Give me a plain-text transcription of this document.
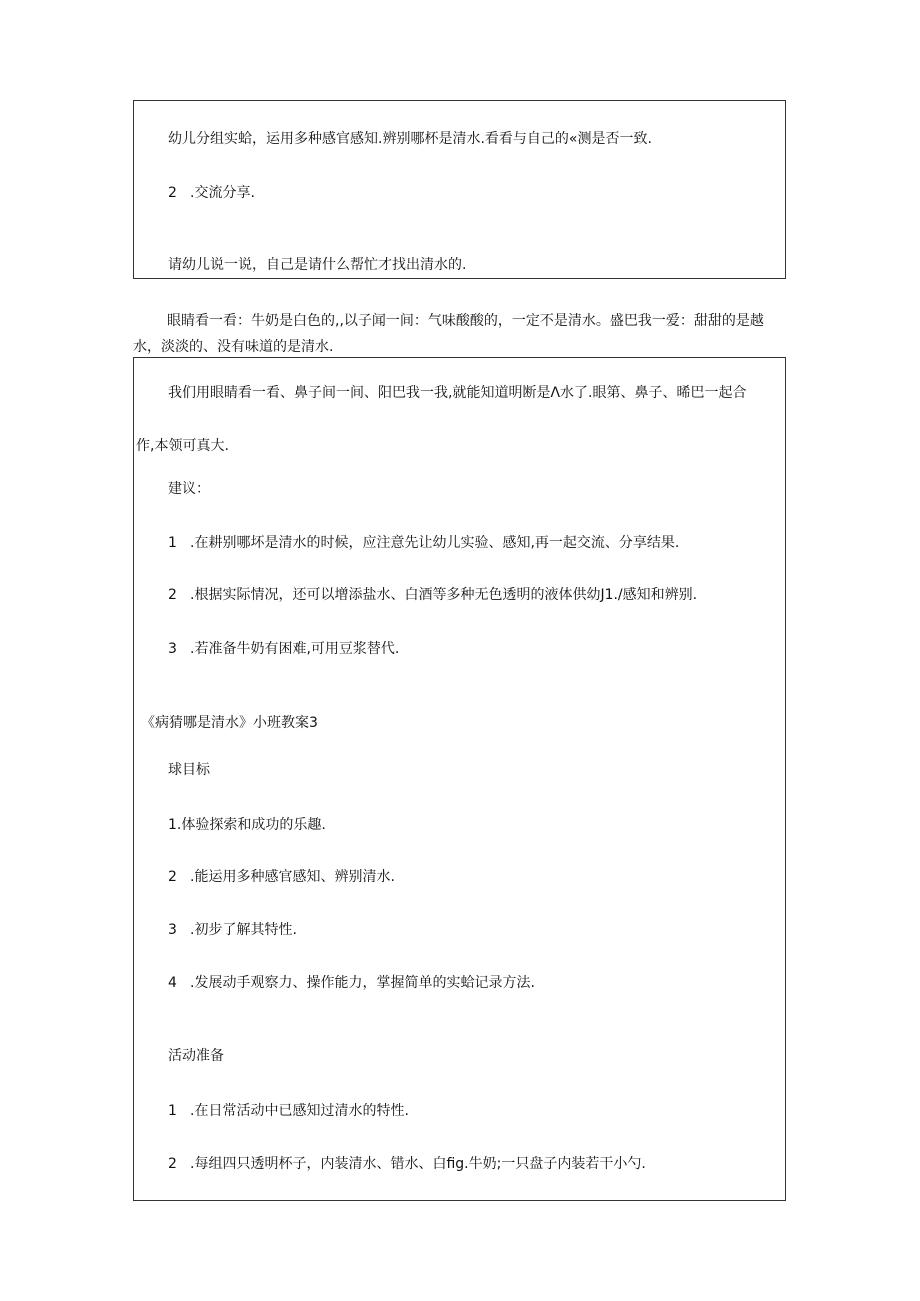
幼儿分组实蛤，运用多种感官感知.辨别哪杯是清水.看看与自己的«测是否一致.
2 .交流分享.
请幼儿说一说，自己是请什么帮忙才找出清水的.
眼睛看一看：牛奶是白色的,,以子闻一间：气味酸酸的，一定不是清水。盛巴我一爱：甜甜的是越水，淡淡的、没有味道的是清水.
我们用眼睛看一看、鼻子间一间、阳巴我一我,就能知道明断是Λ水了.眼第、鼻子、晞巴一起合
作,本领可真大.
建议：
1 .在耕别哪坏是清水的时候，应注意先让幼儿实验、感知,再一起交流、分享结果.
2 .根据实际情况，还可以增添盐水、白酒等多种无色透明的液体供幼J1./感知和辨别.
3 .若准备牛奶有困难,可用豆浆替代.
《病猜哪是清水》小班教案3
球目标
1.体验探索和成功的乐趣.
2 .能运用多种感官感知、辨别清水.
3 .初步了解其特性.
4 .发展动手观察力、操作能力，掌握简单的实蛤记录方法.
活动准备
1 .在日常活动中已感知过清水的特性.
2 .每组四只透明杯子，内装清水、错水、白fig.牛奶;一只盘子内装若干小勺.
